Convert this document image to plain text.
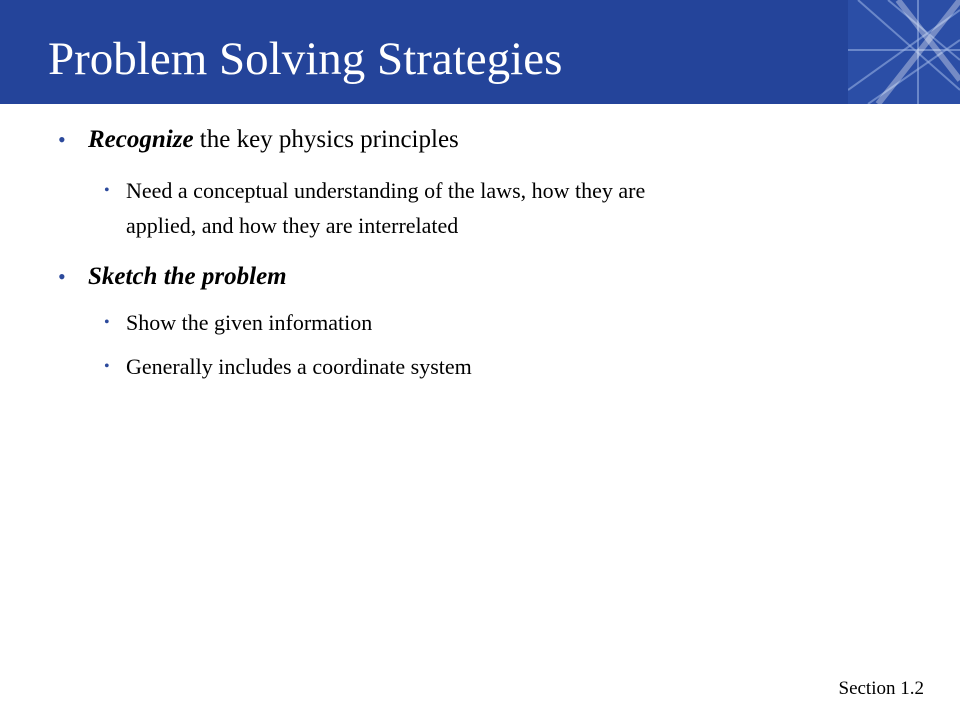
Problem Solving Strategies
• Recognize the key physics principles
• Need a conceptual understanding of the laws, how they are
applied, and how they are interrelated
• Sketch the problem
• Show the given information
• Generally includes a coordinate system
Section 1.2
